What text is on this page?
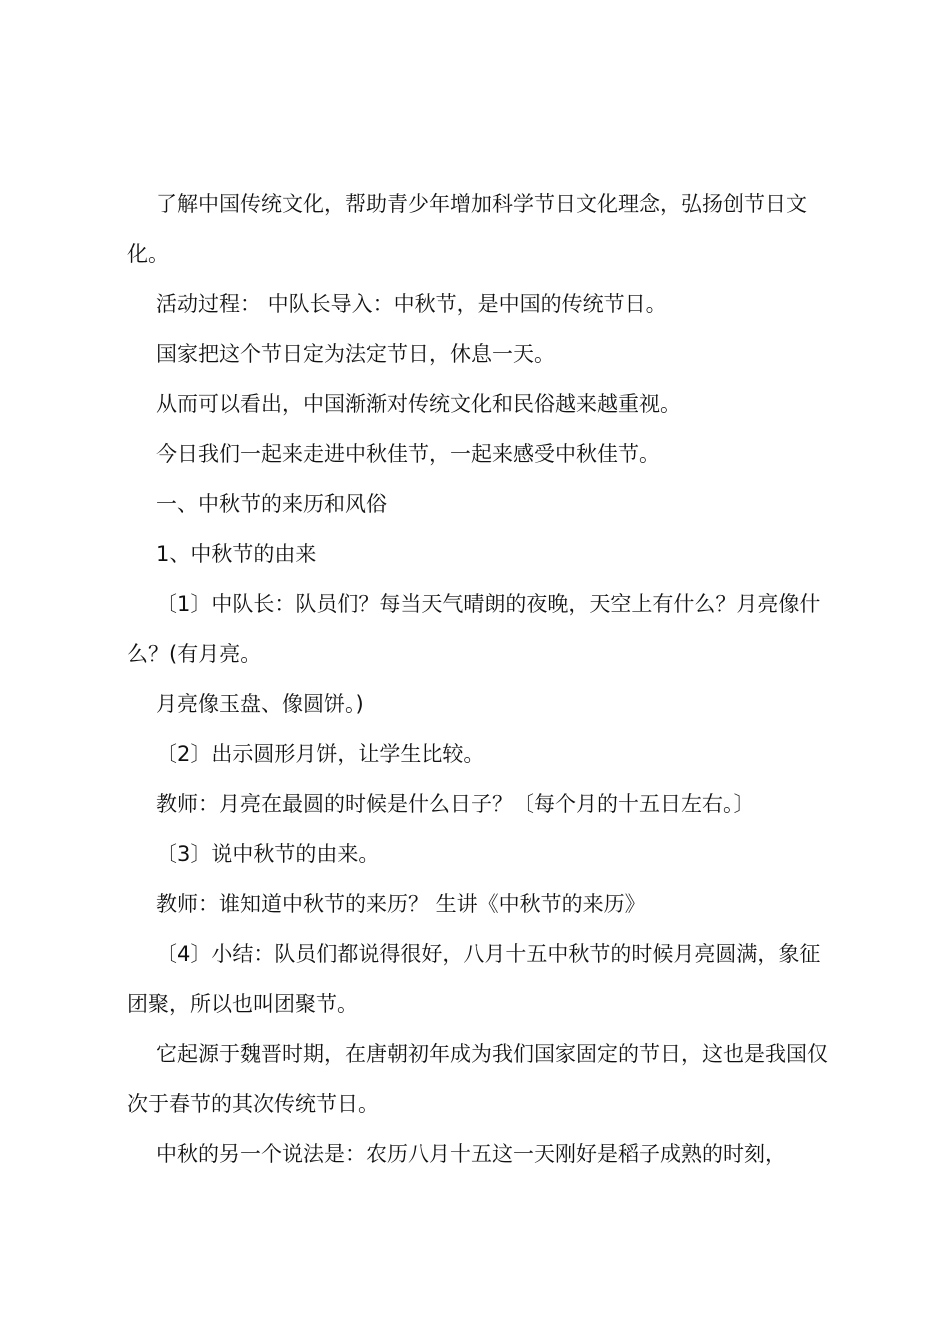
了解中国传统文化，帮助青少年增加科学节日文化理念，弘扬创节日文化。

活动过程： 中队长导入：中秋节，是中国的传统节日。

国家把这个节日定为法定节日，休息一天。

从而可以看出，中国渐渐对传统文化和民俗越来越重视。

今日我们一起来走进中秋佳节，一起来感受中秋佳节。

一、中秋节的来历和风俗

1、中秋节的由来

〔1〕中队长：队员们？每当天气晴朗的夜晚，天空上有什么？月亮像什么？(有月亮。

月亮像玉盘、像圆饼。)

〔2〕出示圆形月饼，让学生比较。

教师：月亮在最圆的时候是什么日子？〔每个月的十五日左右。〕

〔3〕说中秋节的由来。

教师：谁知道中秋节的来历？ 生讲《中秋节的来历》

〔4〕小结：队员们都说得很好，八月十五中秋节的时候月亮圆满，象征团聚，所以也叫团聚节。

它起源于魏晋时期，在唐朝初年成为我们国家固定的节日，这也是我国仅次于春节的其次传统节日。

中秋的另一个说法是：农历八月十五这一天刚好是稻子成熟的时刻，
